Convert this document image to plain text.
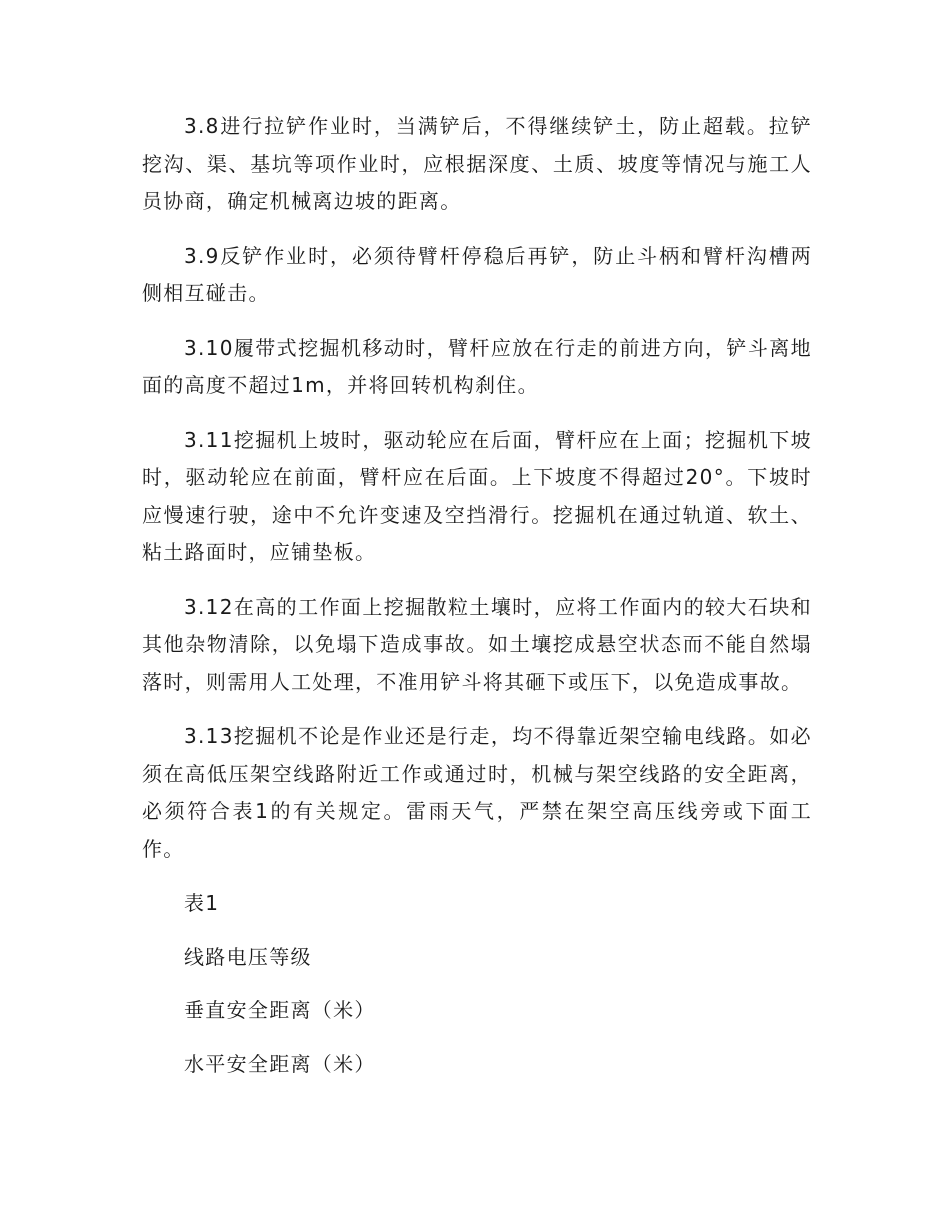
3.8进行拉铲作业时，当满铲后，不得继续铲土，防止超载。拉铲挖沟、渠、基坑等项作业时，应根据深度、土质、坡度等情况与施工人员协商，确定机械离边坡的距离。

3.9反铲作业时，必须待臂杆停稳后再铲，防止斗柄和臂杆沟槽两侧相互碰击。

3.10履带式挖掘机移动时，臂杆应放在行走的前进方向，铲斗离地面的高度不超过1m，并将回转机构刹住。

3.11挖掘机上坡时，驱动轮应在后面，臂杆应在上面；挖掘机下坡时，驱动轮应在前面，臂杆应在后面。上下坡度不得超过20°。下坡时应慢速行驶，途中不允许变速及空挡滑行。挖掘机在通过轨道、软土、粘土路面时，应铺垫板。

3.12在高的工作面上挖掘散粒土壤时，应将工作面内的较大石块和其他杂物清除，以免塌下造成事故。如土壤挖成悬空状态而不能自然塌落时，则需用人工处理，不准用铲斗将其砸下或压下，以免造成事故。

3.13挖掘机不论是作业还是行走，均不得靠近架空输电线路。如必须在高低压架空线路附近工作或通过时，机械与架空线路的安全距离，必须符合表1的有关规定。雷雨天气，严禁在架空高压线旁或下面工作。

表1

线路电压等级

垂直安全距离（米）

水平安全距离（米）
